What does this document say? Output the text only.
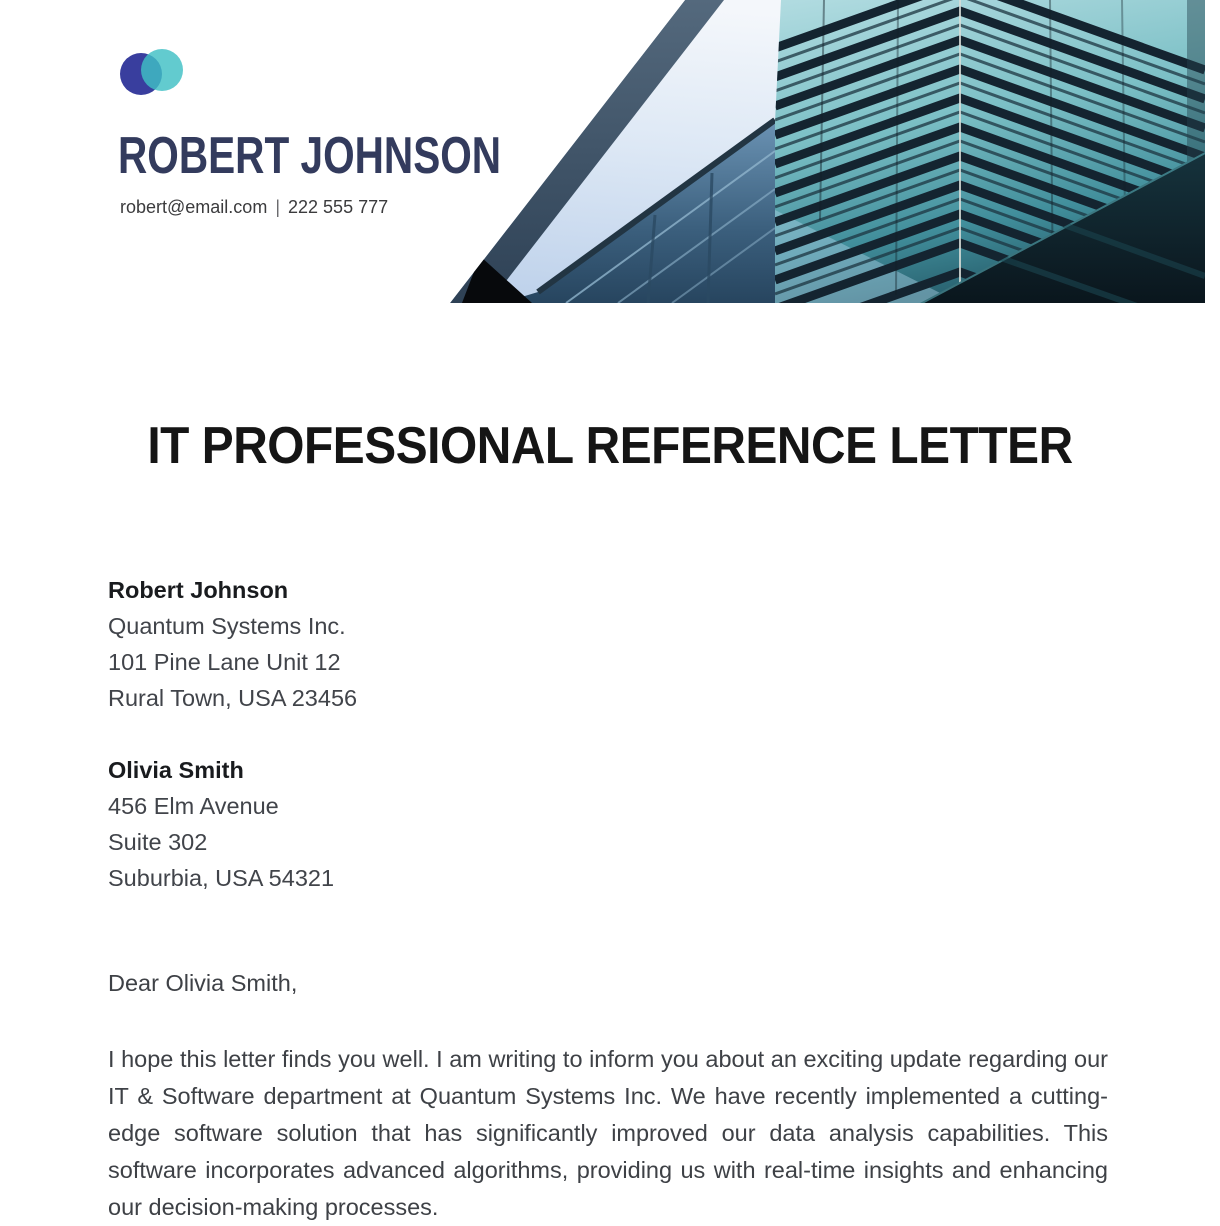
ROBERT JOHNSON
robert@email.com | 222 555 777
IT PROFESSIONAL REFERENCE LETTER
Robert Johnson
Quantum Systems Inc.
101 Pine Lane Unit 12
Rural Town, USA 23456
Olivia Smith
456 Elm Avenue
Suite 302
Suburbia, USA 54321
Dear Olivia Smith,
I hope this letter finds you well. I am writing to inform you about an exciting update regarding our IT & Software department at Quantum Systems Inc. We have recently implemented a cutting-edge software solution that has significantly improved our data analysis capabilities. This software incorporates advanced algorithms, providing us with real-time insights and enhancing our decision-making processes.
